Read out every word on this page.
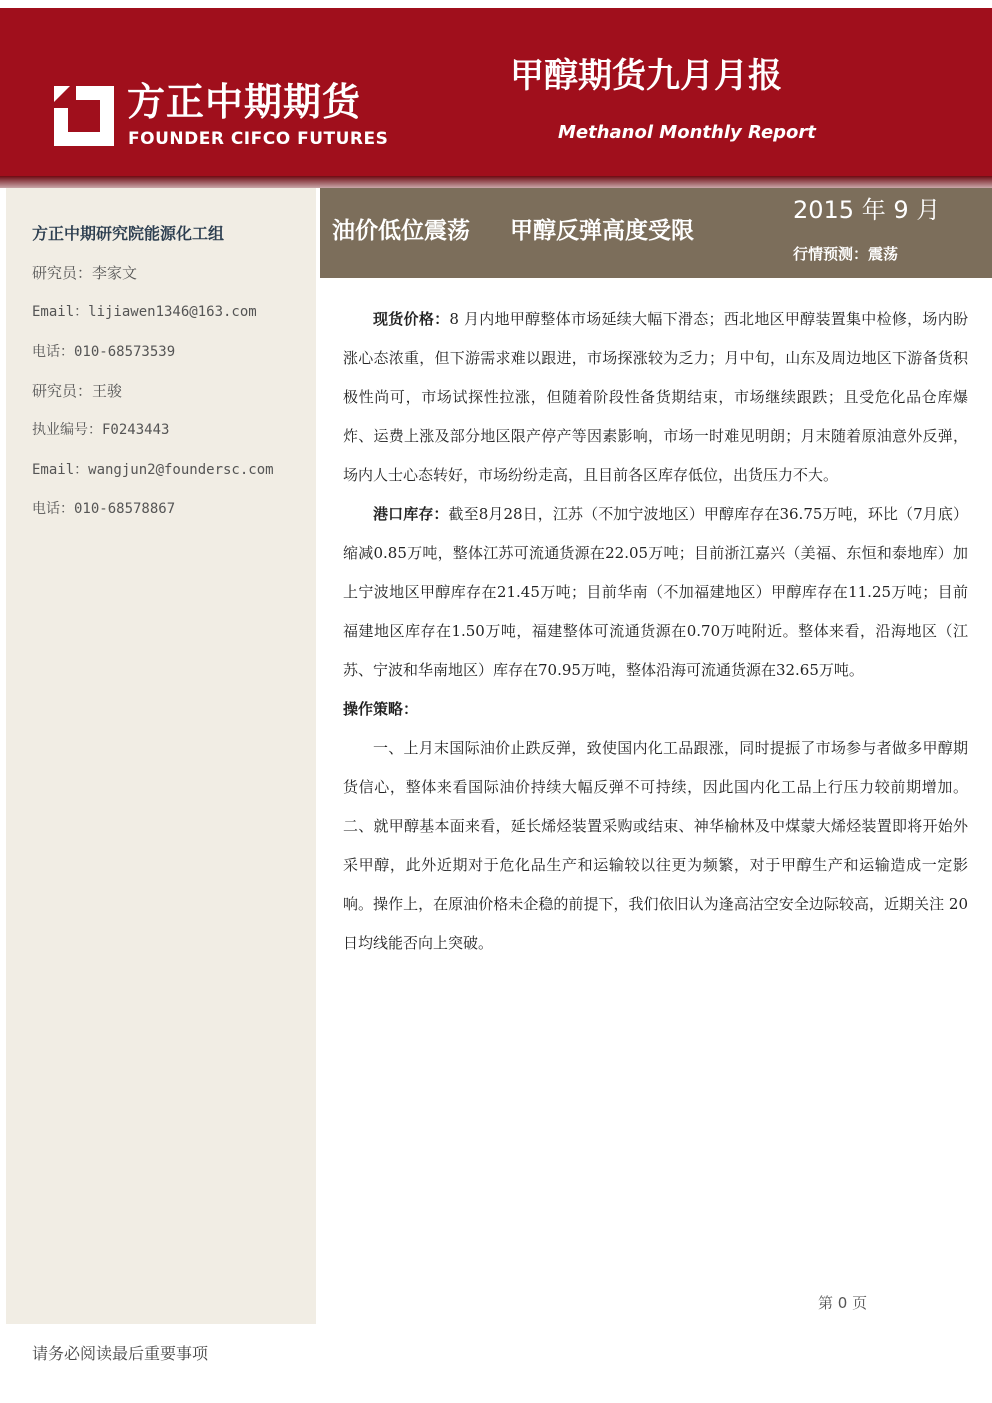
方正中期期货
FOUNDER CIFCO FUTURES
甲醇期货九月月报
Methanol Monthly Report
方正中期研究院能源化工组
研究员：李家文
Email：lijiawen1346@163.com
电话：010-68573539
研究员：王骏
执业编号：F0243443
Email：wangjun2@foundersc.com
电话：010-68578867
油价低位震荡 甲醇反弹高度受限
2015 年 9 月
行情预测：震荡

现货价格：8 月内地甲醇整体市场延续大幅下滑态；西北地区甲醇装置集中检修，场内盼涨心态浓重，但下游需求难以跟进，市场探涨较为乏力；月中旬，山东及周边地区下游备货积极性尚可，市场试探性拉涨，但随着阶段性备货期结束，市场继续跟跌；且受危化品仓库爆炸、运费上涨及部分地区限产停产等因素影响，市场一时难见明朗；月末随着原油意外反弹，场内人士心态转好，市场纷纷走高，且目前各区库存低位，出货压力不大。

港口库存：截至8月28日，江苏（不加宁波地区）甲醇库存在36.75万吨，环比（7月底）缩减0.85万吨，整体江苏可流通货源在22.05万吨；目前浙江嘉兴（美福、东恒和泰地库）加上宁波地区甲醇库存在21.45万吨；目前华南（不加福建地区）甲醇库存在11.25万吨；目前福建地区库存在1.50万吨，福建整体可流通货源在0.70万吨附近。整体来看，沿海地区（江苏、宁波和华南地区）库存在70.95万吨，整体沿海可流通货源在32.65万吨。

操作策略：

一、上月末国际油价止跌反弹，致使国内化工品跟涨，同时提振了市场参与者做多甲醇期货信心，整体来看国际油价持续大幅反弹不可持续，因此国内化工品上行压力较前期增加。二、就甲醇基本面来看，延长烯烃装置采购或结束、神华榆林及中煤蒙大烯烃装置即将开始外采甲醇，此外近期对于危化品生产和运输较以往更为频繁，对于甲醇生产和运输造成一定影响。操作上，在原油价格未企稳的前提下，我们依旧认为逢高沽空安全边际较高，近期关注 20 日均线能否向上突破。

第 0 页
请务必阅读最后重要事项
